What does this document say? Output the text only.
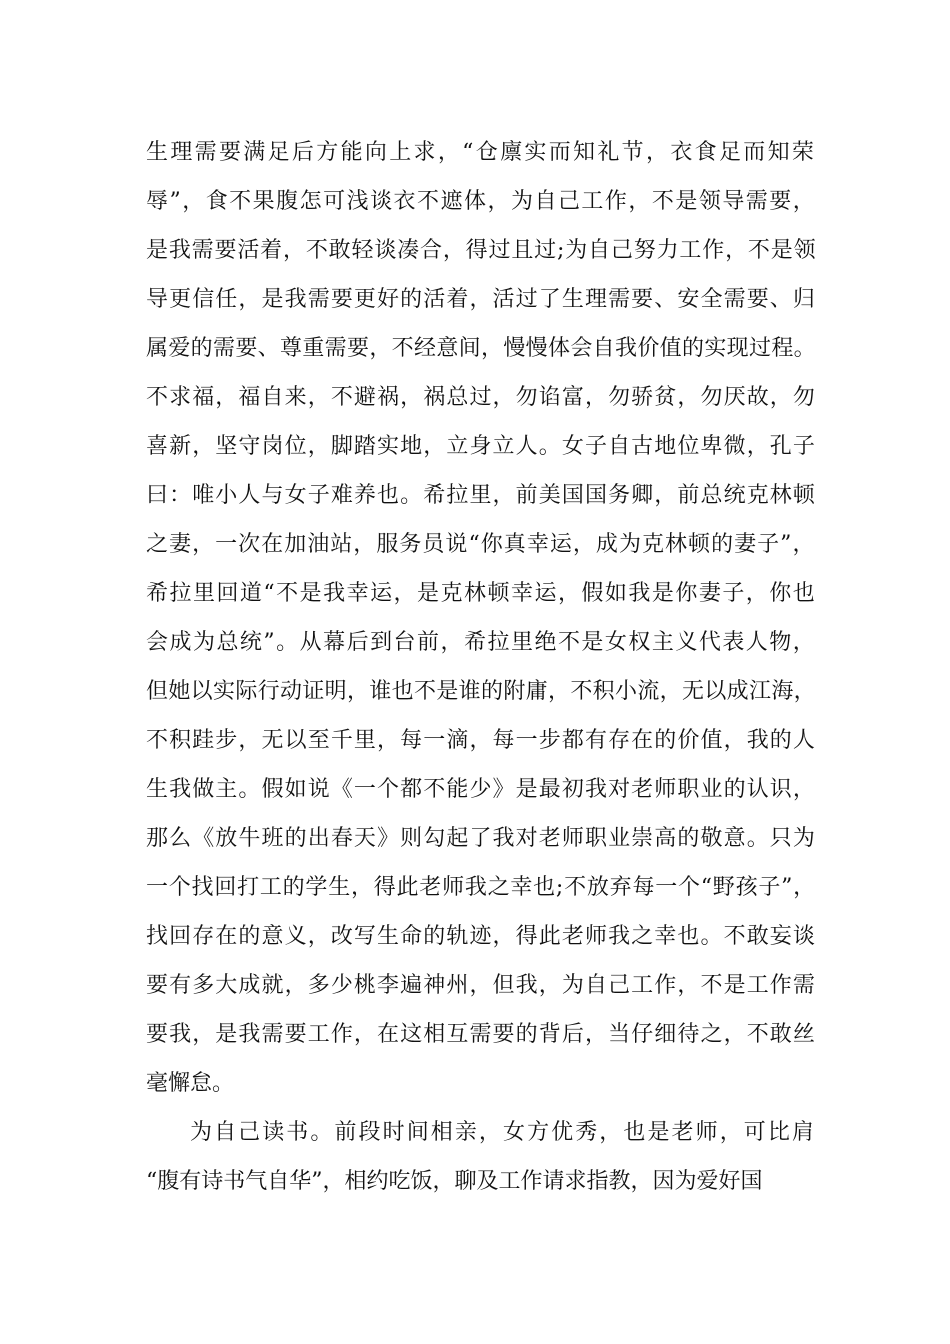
生理需要满足后方能向上求，“仓廪实而知礼节，衣食足而知荣
辱”，食不果腹怎可浅谈衣不遮体，为自己工作，不是领导需要，
是我需要活着，不敢轻谈凑合，得过且过;为自己努力工作，不是领
导更信任，是我需要更好的活着，活过了生理需要、安全需要、归
属爱的需要、尊重需要，不经意间，慢慢体会自我价值的实现过程。
不求福，福自来，不避祸，祸总过，勿谄富，勿骄贫，勿厌故，勿
喜新，坚守岗位，脚踏实地，立身立人。女子自古地位卑微，孔子
曰：唯小人与女子难养也。希拉里，前美国国务卿，前总统克林顿
之妻，一次在加油站，服务员说“你真幸运，成为克林顿的妻子”，
希拉里回道“不是我幸运，是克林顿幸运，假如我是你妻子，你也
会成为总统”。从幕后到台前，希拉里绝不是女权主义代表人物，
但她以实际行动证明，谁也不是谁的附庸，不积小流，无以成江海，
不积跬步，无以至千里，每一滴，每一步都有存在的价值，我的人
生我做主。假如说《一个都不能少》是最初我对老师职业的认识，
那么《放牛班的出春天》则勾起了我对老师职业崇高的敬意。只为
一个找回打工的学生，得此老师我之幸也;不放弃每一个“野孩子”，
找回存在的意义，改写生命的轨迹，得此老师我之幸也。不敢妄谈
要有多大成就，多少桃李遍神州，但我，为自己工作，不是工作需
要我，是我需要工作，在这相互需要的背后，当仔细待之，不敢丝
毫懈怠。
为自己读书。前段时间相亲，女方优秀，也是老师，可比肩
“腹有诗书气自华”，相约吃饭，聊及工作请求指教，因为爱好国
